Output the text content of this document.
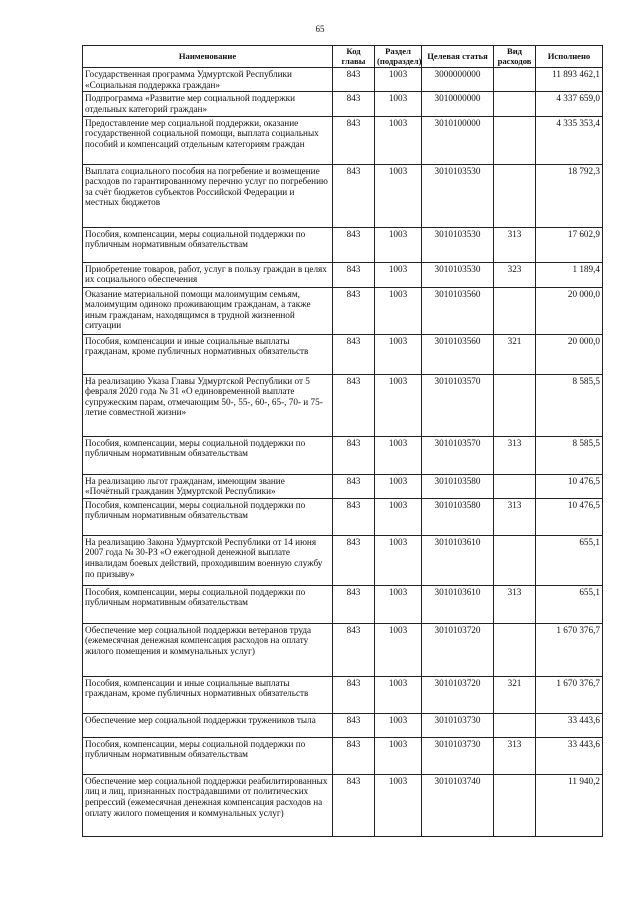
65
Наименование	Код главы	Раздел (подраздел)	Целевая статья	Вид расходов	Исполнено
Государственная программа Удмуртской Республики «Социальная поддержка граждан»	843	1003	3000000000		11 893 462,1
Подпрограмма «Развитие мер социальной поддержки отдельных категорий граждан»	843	1003	3010000000		4 337 659,0
Предоставление мер социальной поддержки, оказание государственной социальной помощи, выплата социальных пособий и компенсаций отдельным категориям граждан	843	1003	3010100000		4 335 353,4
Выплата социального пособия на погребение и возмещение расходов по гарантированному перечню услуг по погребению за счёт бюджетов субъектов Российской Федерации и местных бюджетов	843	1003	3010103530		18 792,3
Пособия, компенсации, меры социальной поддержки по публичным нормативным обязательствам	843	1003	3010103530	313	17 602,9
Приобретение товаров, работ, услуг в пользу граждан в целях их социального обеспечения	843	1003	3010103530	323	1 189,4
Оказание материальной помощи малоимущим семьям, малоимущим одиноко проживающим гражданам, а также иным гражданам, находящимся в трудной жизненной ситуации	843	1003	3010103560		20 000,0
Пособия, компенсации и иные социальные выплаты гражданам, кроме публичных нормативных обязательств	843	1003	3010103560	321	20 000,0
На реализацию Указа Главы Удмуртской Республики от 5 февраля 2020 года № 31 «О единовременной выплате супружеским парам, отмечающим 50-, 55-, 60-, 65-, 70- и 75-летие совместной жизни»	843	1003	3010103570		8 585,5
Пособия, компенсации, меры социальной поддержки по публичным нормативным обязательствам	843	1003	3010103570	313	8 585,5
На реализацию льгот гражданам, имеющим звание «Почётный гражданин Удмуртской Республики»	843	1003	3010103580		10 476,5
Пособия, компенсации, меры социальной поддержки по публичным нормативным обязательствам	843	1003	3010103580	313	10 476,5
На реализацию Закона Удмуртской Республики от 14 июня 2007 года № 30-РЗ «О ежегодной денежной выплате инвалидам боевых действий, проходившим военную службу по призыву»	843	1003	3010103610		655,1
Пособия, компенсации, меры социальной поддержки по публичным нормативным обязательствам	843	1003	3010103610	313	655,1
Обеспечение мер социальной поддержки ветеранов труда (ежемесячная денежная компенсация расходов на оплату жилого помещения и коммунальных услуг)	843	1003	3010103720		1 670 376,7
Пособия, компенсации и иные социальные выплаты гражданам, кроме публичных нормативных обязательств	843	1003	3010103720	321	1 670 376,7
Обеспечение мер социальной поддержки тружеников тыла	843	1003	3010103730		33 443,6
Пособия, компенсации, меры социальной поддержки по публичным нормативным обязательствам	843	1003	3010103730	313	33 443,6
Обеспечение мер социальной поддержки реабилитированных лиц и лиц, признанных пострадавшими от политических репрессий (ежемесячная денежная компенсация расходов на оплату жилого помещения и коммунальных услуг)	843	1003	3010103740		11 940,2
